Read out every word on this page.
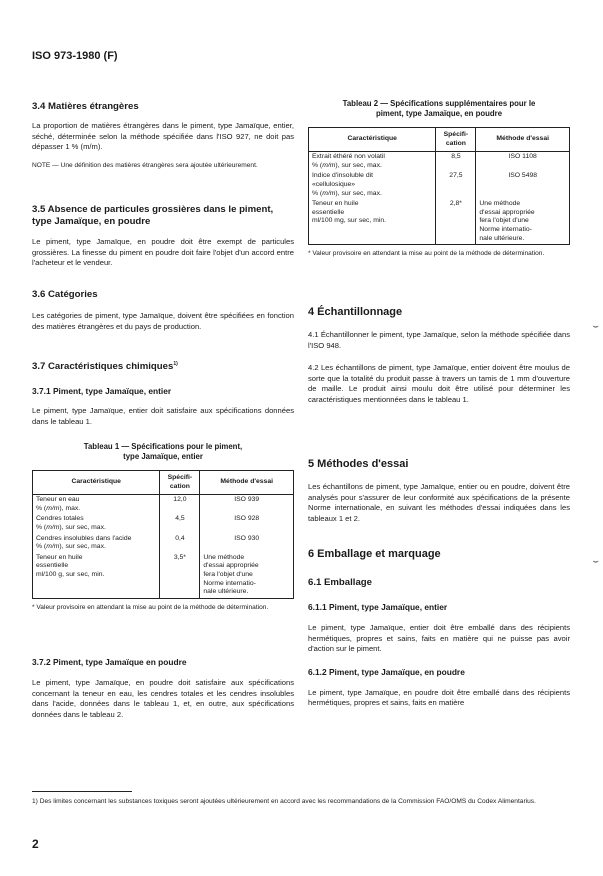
ISO 973-1980 (F)
3.4 Matières étrangères

La proportion de matières étrangères dans le piment, type Jamaïque, entier, séché, déterminée selon la méthode spécifiée dans l'ISO 927, ne doit pas dépasser 1 % (m/m).

NOTE — Une définition des matières étrangères sera ajoutée ultérieurement.

3.5 Absence de particules grossières dans le piment, type Jamaïque, en poudre

Le piment, type Jamaïque, en poudre doit être exempt de particules grossières. La finesse du piment en poudre doit faire l'objet d'un accord entre l'acheteur et le vendeur.

3.6 Catégories

Les catégories de piment, type Jamaïque, doivent être spécifiées en fonction des matières étrangères et du pays de production.

3.7 Caractéristiques chimiques$^{1)}$
3.7.1 Piment, type Jamaïque, entier

Le piment, type Jamaïque, entier doit satisfaire aux spécifications données dans le tableau 1.

Tableau 1 — Spécifications pour le piment,
type Jamaïque, entier
Caractéristique	Spécifi-
cation	Méthode d'essai
Teneur en eau
% (m/m), max.	12,0	ISO 939
Cendres totales
% (m/m), sur sec, max.	4,5	ISO 928
Cendres insolubles dans l'acide
% (m/m), sur sec, max.	0,4	ISO 930
Teneur en huile
essentielle
ml/100 g, sur sec, min.	3,5*	Une méthode
d'essai appropriée
fera l'objet d'une
Norme internatio-
nale ultérieure.

* Valeur provisoire en attendant la mise au point de la méthode de détermination.

3.7.2 Piment, type Jamaïque en poudre

Le piment, type Jamaïque, en poudre doit satisfaire aux spécifications concernant la teneur en eau, les cendres totales et les cendres insolubles dans l'acide, données dans le tableau 1, et, en outre, aux spécifications données dans le tableau 2.

Tableau 2 — Spécifications supplémentaires pour le
piment, type Jamaïque, en poudre
Caractéristique	Spécifi-
cation	Méthode d'essai
Extrait éthéré non volatil
% (m/m), sur sec, max.	8,5	ISO 1108
Indice d'insoluble dit
«cellulosique»
% (m/m), sur sec, max.	27,5	ISO 5498
Teneur en huile
essentielle
ml/100 mg, sur sec, min.	2,8*	Une méthode
d'essai appropriée
fera l'objet d'une
Norme internatio-
nale ultérieure.

* Valeur provisoire en attendant la mise au point de la méthode de détermination.

4 Échantillonnage

4.1 Échantillonner le piment, type Jamaïque, selon la méthode spécifiée dans l'ISO 948.

4.2 Les échantillons de piment, type Jamaïque, entier doivent être moulus de sorte que la totalité du produit passe à travers un tamis de 1 mm d'ouverture de maille. Le produit ainsi moulu doit être utilisé pour déterminer les caractéristiques mentionnées dans le tableau 1.

5 Méthodes d'essai

Les échantillons de piment, type Jamaïque, entier ou en poudre, doivent être analysés pour s'assurer de leur conformité aux spécifications de la présente Norme internationale, en suivant les méthodes d'essai indiquées dans les tableaux 1 et 2.

6 Emballage et marquage
6.1 Emballage
6.1.1 Piment, type Jamaïque, entier

Le piment, type Jamaïque, entier doit être emballé dans des récipients hermétiques, propres et sains, faits en matière qui ne puisse pas avoir d'action sur le piment.

6.1.2 Piment, type Jamaïque, en poudre

Le piment, type Jamaïque, en poudre doit être emballé dans des récipients hermétiques, propres et sains, faits en matière

⌣
⌣
1) Des limites concernant les substances toxiques seront ajoutées ultérieurement en accord avec les recommandations de la Commission FAO/OMS du Codex Alimentarius.
2
